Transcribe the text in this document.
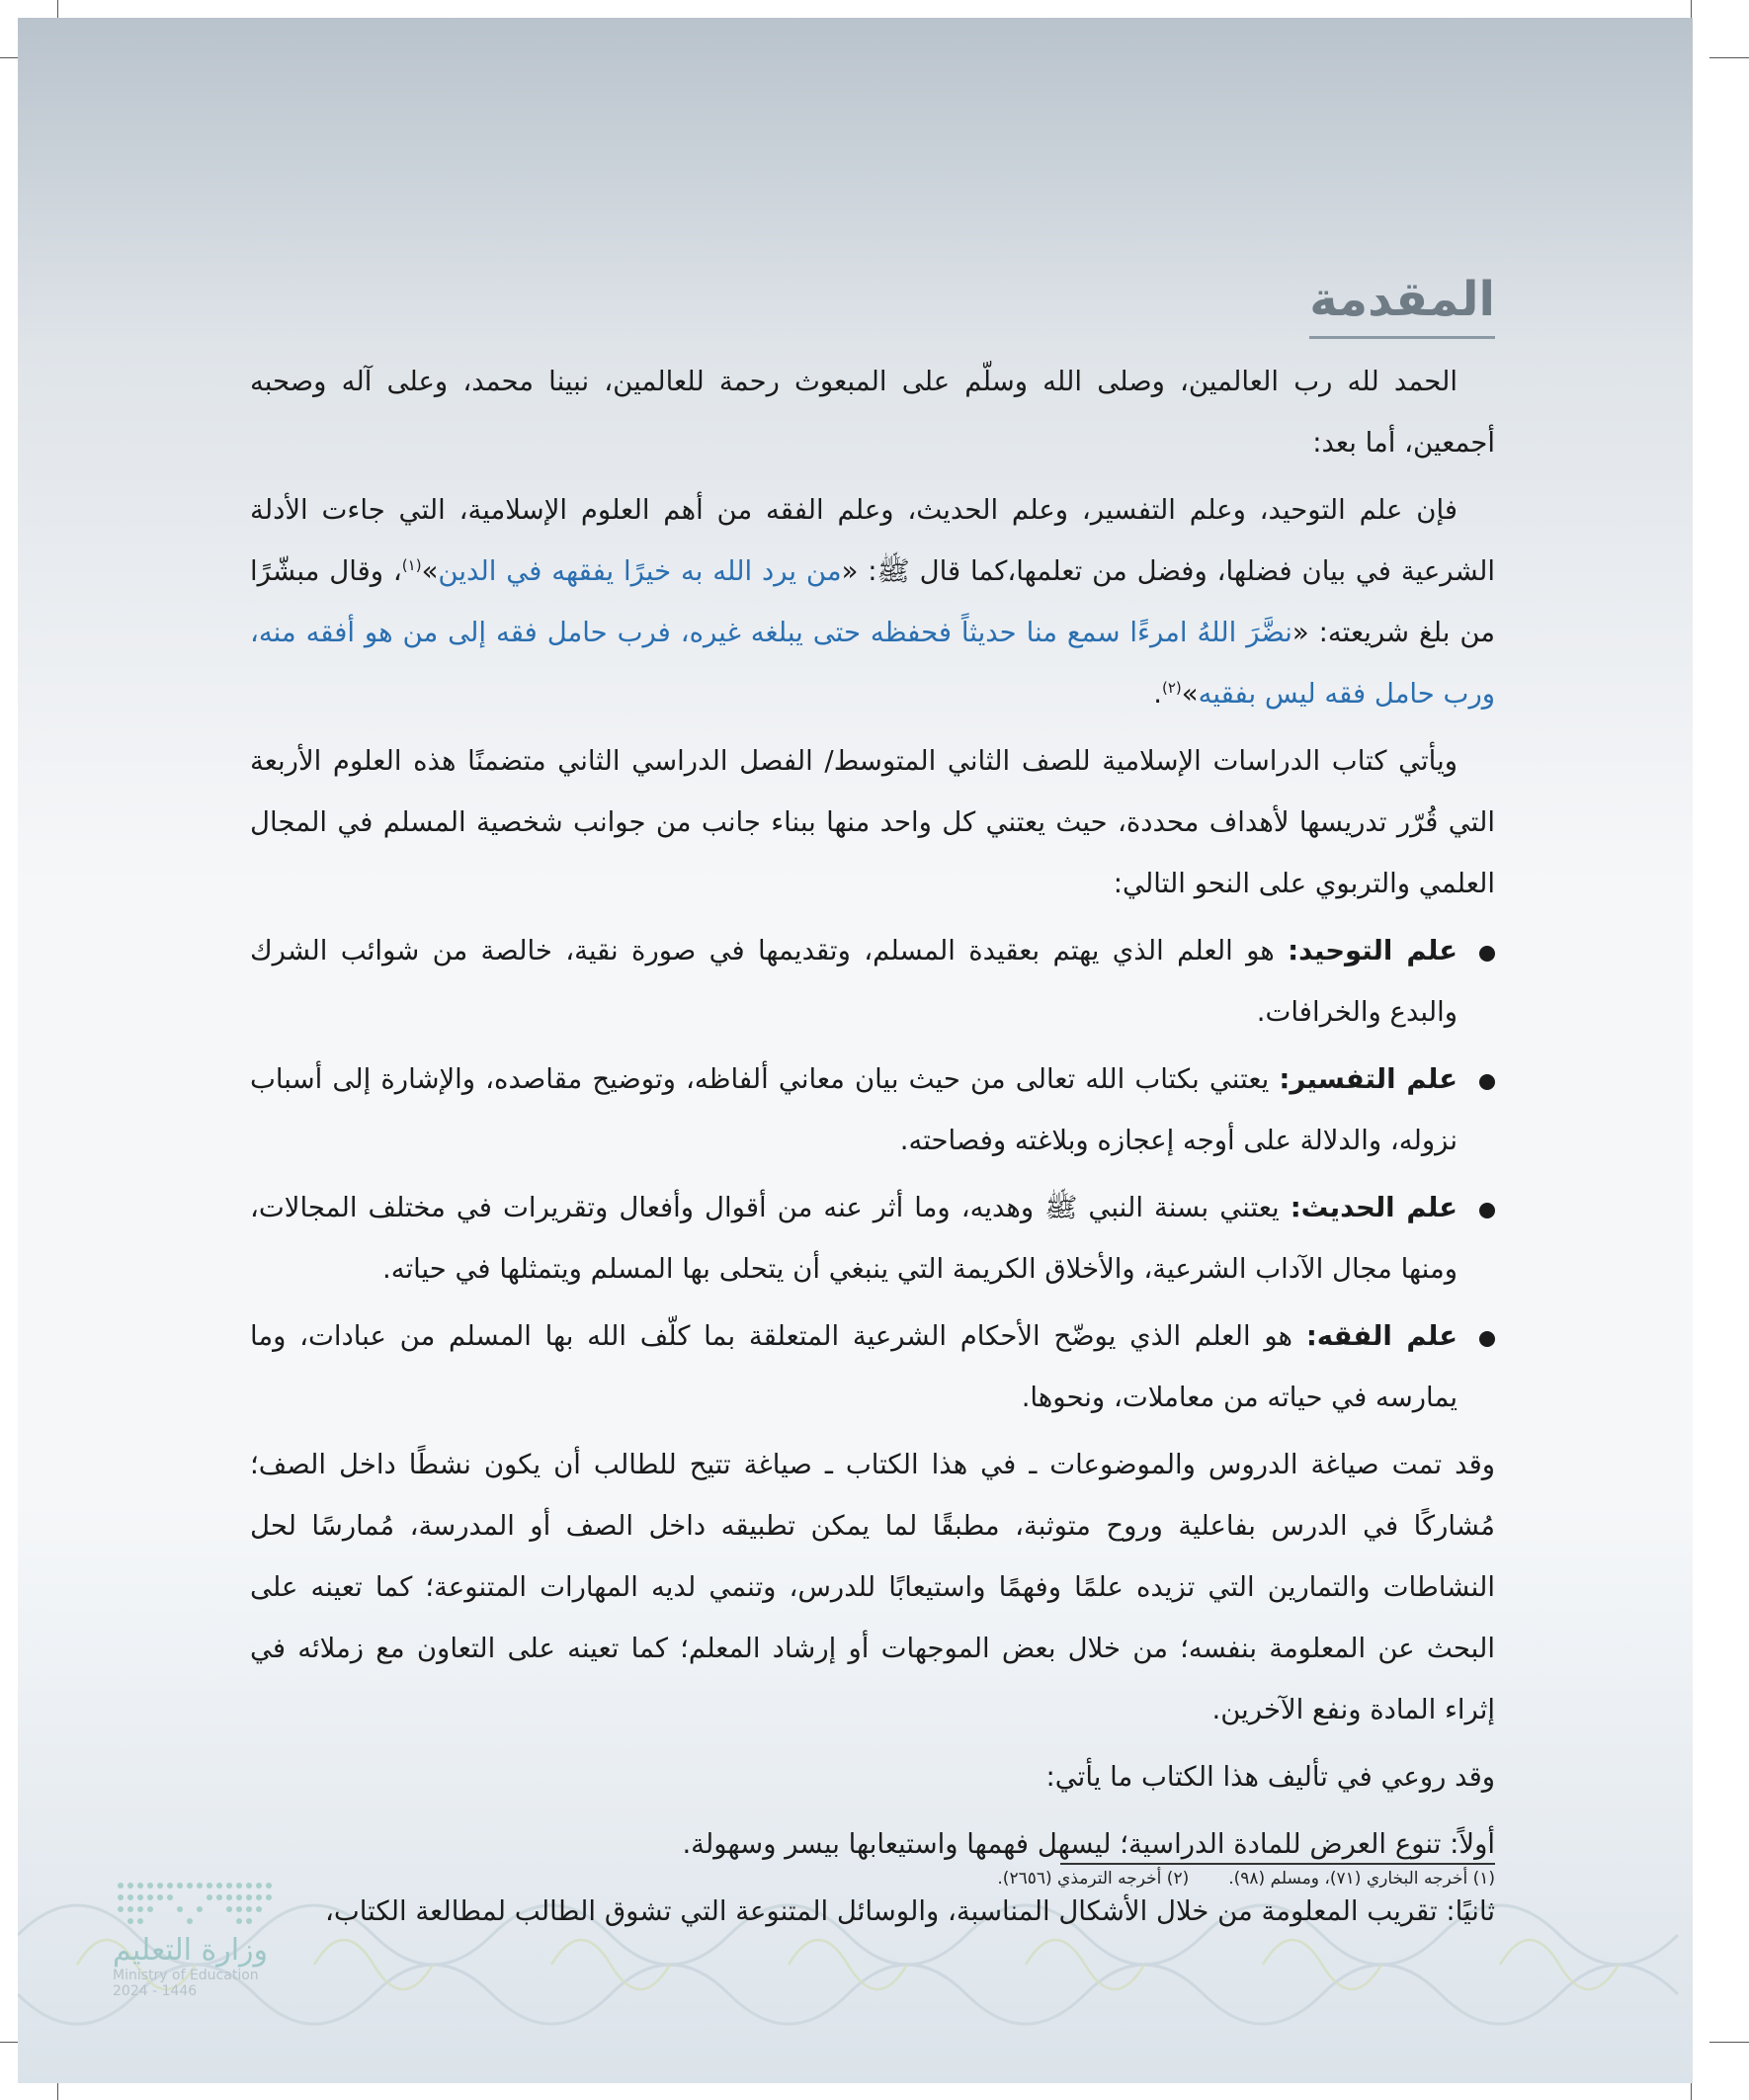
وزارة التعليم
Ministry of Education
2024 - 1446
المقدمة

الحمد لله رب العالمين، وصلى الله وسلّم على المبعوث رحمة للعالمين، نبينا محمد، وعلى آله وصحبه أجمعين، أما بعد:

فإن علم التوحيد، وعلم التفسير، وعلم الحديث، وعلم الفقه من أهم العلوم الإسلامية، التي جاءت الأدلة الشرعية في بيان فضلها، وفضل من تعلمها،كما قال ﷺ: «من يرد الله به خيرًا يفقهه في الدين»$^{(١)}$، وقال مبشّرًا من بلغ شريعته: «نضَّرَ اللهُ امرءًا سمع منا حديثاً فحفظه حتى يبلغه غيره، فرب حامل فقه إلى من هو أفقه منه، ورب حامل فقه ليس بفقيه»$^{(٢)}$.

ويأتي كتاب الدراسات الإسلامية للصف الثاني المتوسط/ الفصل الدراسي الثاني متضمنًا هذه العلوم الأربعة التي قُرّر تدريسها لأهداف محددة، حيث يعتني كل واحد منها ببناء جانب من جوانب شخصية المسلم في المجال العلمي والتربوي على النحو التالي:

علم التوحيد: هو العلم الذي يهتم بعقيدة المسلم، وتقديمها في صورة نقية، خالصة من شوائب الشرك والبدع والخرافات.
علم التفسير: يعتني بكتاب الله تعالى من حيث بيان معاني ألفاظه، وتوضيح مقاصده، والإشارة إلى أسباب نزوله، والدلالة على أوجه إعجازه وبلاغته وفصاحته.
علم الحديث: يعتني بسنة النبي ﷺ وهديه، وما أثر عنه من أقوال وأفعال وتقريرات في مختلف المجالات، ومنها مجال الآداب الشرعية، والأخلاق الكريمة التي ينبغي أن يتحلى بها المسلم ويتمثلها في حياته.
علم الفقه: هو العلم الذي يوضّح الأحكام الشرعية المتعلقة بما كلّف الله بها المسلم من عبادات، وما يمارسه في حياته من معاملات، ونحوها.

وقد تمت صياغة الدروس والموضوعات ـ في هذا الكتاب ـ صياغة تتيح للطالب أن يكون نشطًا داخل الصف؛ مُشاركًا في الدرس بفاعلية وروح متوثبة، مطبقًا لما يمكن تطبيقه داخل الصف أو المدرسة، مُمارسًا لحل النشاطات والتمارين التي تزيده علمًا وفهمًا واستيعابًا للدرس، وتنمي لديه المهارات المتنوعة؛ كما تعينه على البحث عن المعلومة بنفسه؛ من خلال بعض الموجهات أو إرشاد المعلم؛ كما تعينه على التعاون مع زملائه في إثراء المادة ونفع الآخرين.

وقد روعي في تأليف هذا الكتاب ما يأتي:

أولاً: تنوع العرض للمادة الدراسية؛ ليسهل فهمها واستيعابها بيسر وسهولة.

ثانيًا: تقريب المعلومة من خلال الأشكال المناسبة، والوسائل المتنوعة التي تشوق الطالب لمطالعة الكتاب،

(١) أخرجه البخاري (٧١)، ومسلم (٩٨).
(٢) أخرجه الترمذي (٢٦٥٦).
